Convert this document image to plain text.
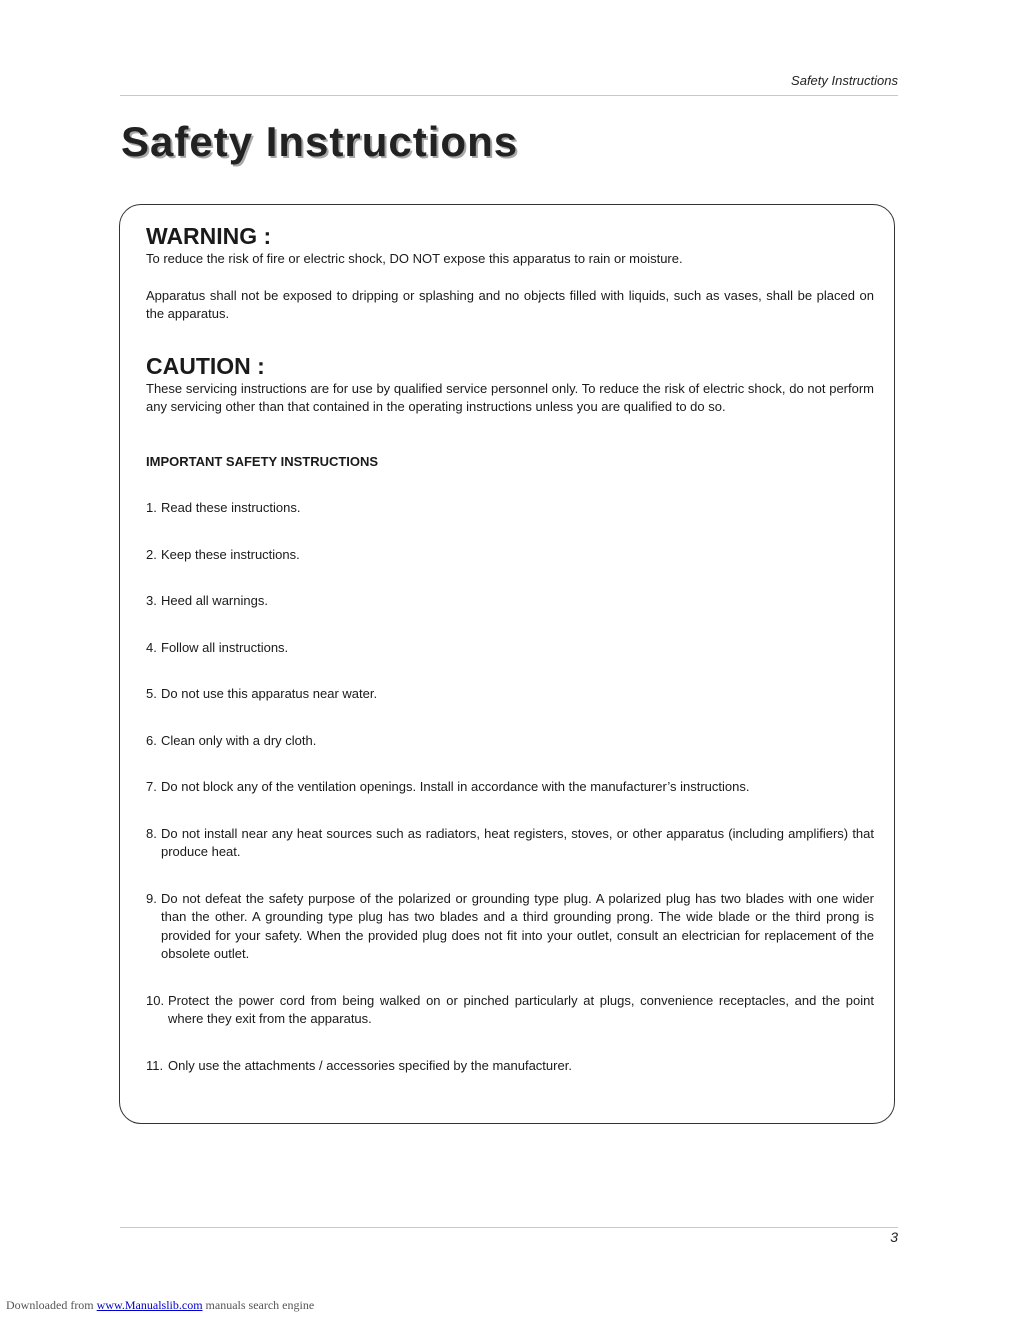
Safety Instructions
Safety Instructions

WARNING :

To reduce the risk of fire or electric shock, DO NOT expose this apparatus to rain or moisture.

Apparatus shall not be exposed to dripping or splashing and no objects filled with liquids, such as vases, shall be placed on the apparatus.

CAUTION :

These servicing instructions are for use by qualified service personnel only. To reduce the risk of electric shock, do not perform any servicing other than that contained in the operating instructions unless you are qualified to do so.

IMPORTANT SAFETY INSTRUCTIONS

1. Read these instructions.
2. Keep these instructions.
3. Heed all warnings.
4. Follow all instructions.
5. Do not use this apparatus near water.
6. Clean only with a dry cloth.
7. Do not block any of the ventilation openings. Install in accordance with the manufacturer’s instructions.
8. Do not install near any heat sources such as radiators, heat registers, stoves, or other apparatus (including amplifiers) that produce heat.
9. Do not defeat the safety purpose of the polarized or grounding type plug. A polarized plug has two blades with one wider than the other. A grounding type plug has two blades and a third grounding prong. The wide blade or the third prong is provided for your safety. When the provided plug does not fit into your outlet, consult an electrician for replacement of the obsolete outlet.
10. Protect the power cord from being walked on or pinched particularly at plugs, convenience receptacles, and the point where they exit from the apparatus.
11. Only use the attachments / accessories specified by the manufacturer.
3
Downloaded from www.Manualslib.com manuals search engine
